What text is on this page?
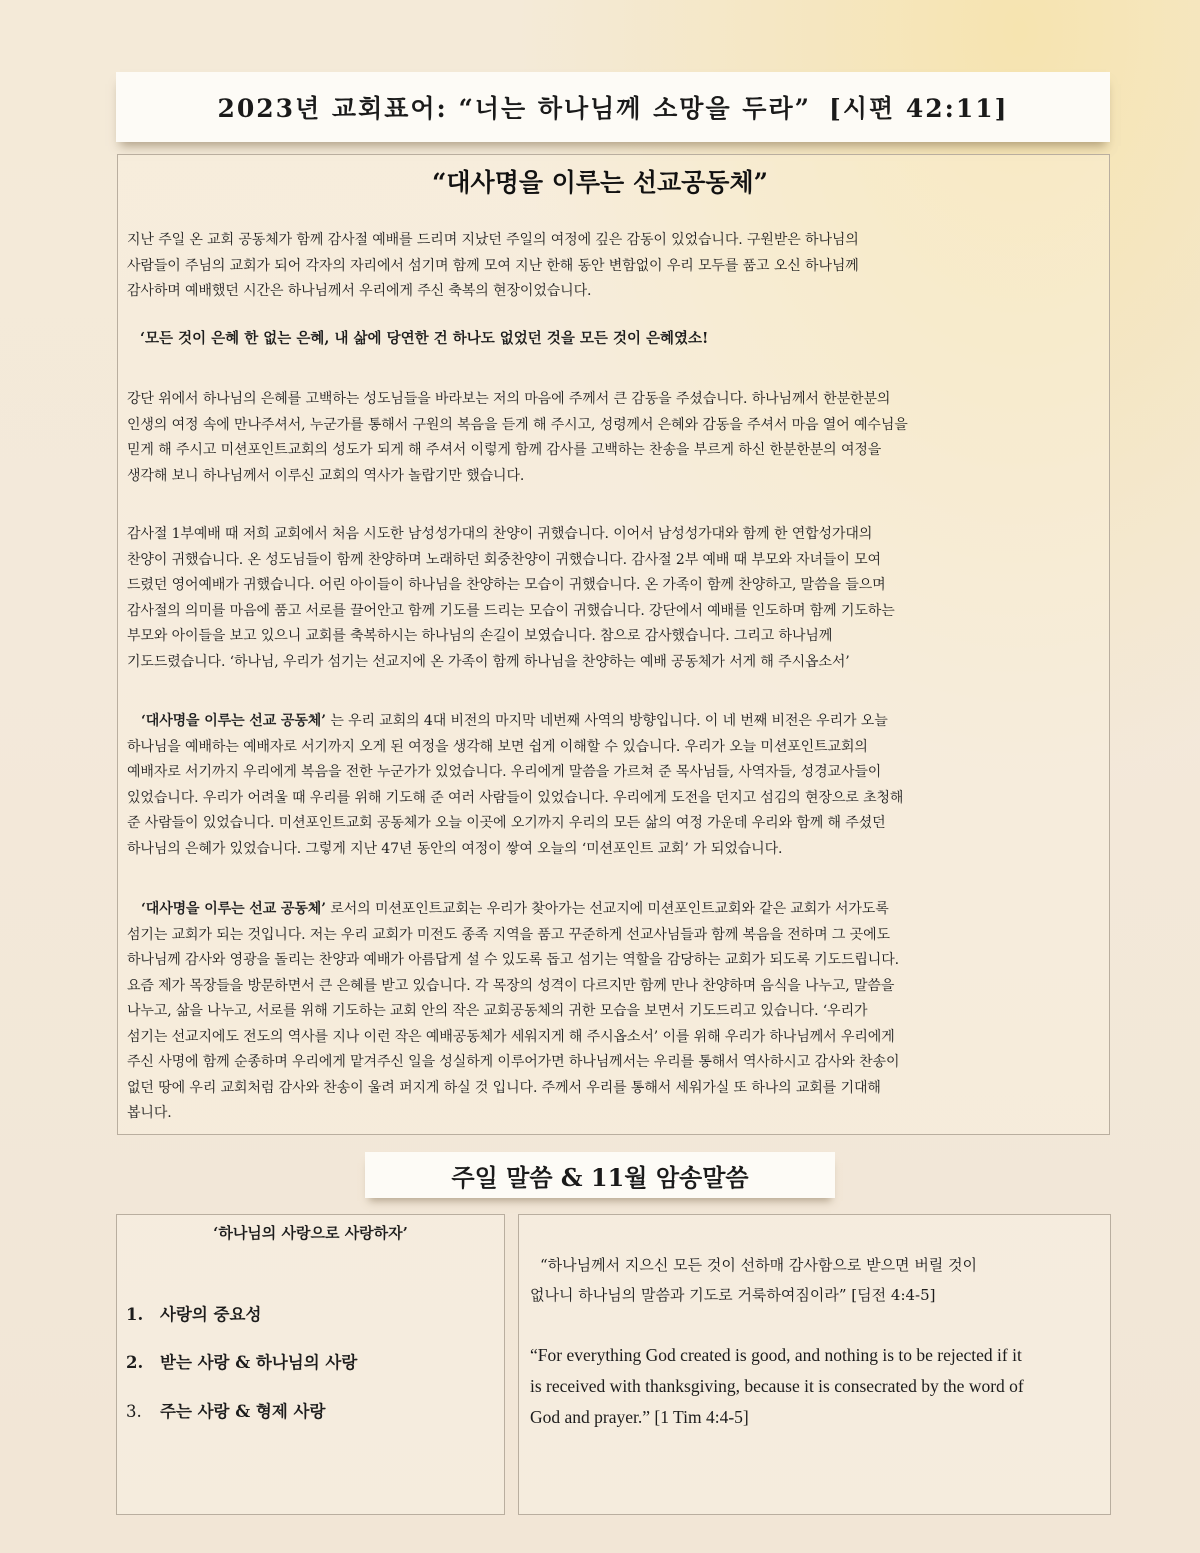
2023년 교회표어: “너는 하나님께 소망을 두라” [시편 42:11]
“대사명을 이루는 선교공동체”
지난 주일 온 교회 공동체가 함께 감사절 예배를 드리며 지났던 주일의 여정에 깊은 감동이 있었습니다. 구원받은 하나님의
사람들이 주님의 교회가 되어 각자의 자리에서 섬기며 함께 모여 지난 한해 동안 변함없이 우리 모두를 품고 오신 하나님께
감사하며 예배했던 시간은 하나님께서 우리에게 주신 축복의 현장이었습니다.
‘모든 것이 은혜 한 없는 은혜, 내 삶에 당연한 건 하나도 없었던 것을 모든 것이 은혜였소!
강단 위에서 하나님의 은혜를 고백하는 성도님들을 바라보는 저의 마음에 주께서 큰 감동을 주셨습니다. 하나님께서 한분한분의
인생의 여정 속에 만나주셔서, 누군가를 통해서 구원의 복음을 듣게 해 주시고, 성령께서 은혜와 감동을 주셔서 마음 열어 예수님을
믿게 해 주시고 미션포인트교회의 성도가 되게 해 주셔서 이렇게 함께 감사를 고백하는 찬송을 부르게 하신 한분한분의 여정을
생각해 보니 하나님께서 이루신 교회의 역사가 놀랍기만 했습니다.
감사절 1부예배 때 저희 교회에서 처음 시도한 남성성가대의 찬양이 귀했습니다. 이어서 남성성가대와 함께 한 연합성가대의
찬양이 귀했습니다. 온 성도님들이 함께 찬양하며 노래하던 회중찬양이 귀했습니다. 감사절 2부 예배 때 부모와 자녀들이 모여
드렸던 영어예배가 귀했습니다. 어린 아이들이 하나님을 찬양하는 모습이 귀했습니다. 온 가족이 함께 찬양하고, 말씀을 들으며
감사절의 의미를 마음에 품고 서로를 끌어안고 함께 기도를 드리는 모습이 귀했습니다. 강단에서 예배를 인도하며 함께 기도하는
부모와 아이들을 보고 있으니 교회를 축복하시는 하나님의 손길이 보였습니다. 참으로 감사했습니다. 그리고 하나님께
기도드렸습니다. ‘하나님, 우리가 섬기는 선교지에 온 가족이 함께 하나님을 찬양하는 예배 공동체가 서게 해 주시옵소서’
‘대사명을 이루는 선교 공동체’ 는 우리 교회의 4대 비전의 마지막 네번째 사역의 방향입니다. 이 네 번째 비전은 우리가 오늘
하나님을 예배하는 예배자로 서기까지 오게 된 여정을 생각해 보면 쉽게 이해할 수 있습니다. 우리가 오늘 미션포인트교회의
예배자로 서기까지 우리에게 복음을 전한 누군가가 있었습니다. 우리에게 말씀을 가르쳐 준 목사님들, 사역자들, 성경교사들이
있었습니다. 우리가 어려울 때 우리를 위해 기도해 준 여러 사람들이 있었습니다. 우리에게 도전을 던지고 섬김의 현장으로 초청해
준 사람들이 있었습니다. 미션포인트교회 공동체가 오늘 이곳에 오기까지 우리의 모든 삶의 여정 가운데 우리와 함께 해 주셨던
하나님의 은혜가 있었습니다. 그렇게 지난 47년 동안의 여정이 쌓여 오늘의 ‘미션포인트 교회’ 가 되었습니다.
‘대사명을 이루는 선교 공동체’ 로서의 미션포인트교회는 우리가 찾아가는 선교지에 미션포인트교회와 같은 교회가 서가도록
섬기는 교회가 되는 것입니다. 저는 우리 교회가 미전도 종족 지역을 품고 꾸준하게 선교사님들과 함께 복음을 전하며 그 곳에도
하나님께 감사와 영광을 돌리는 찬양과 예배가 아름답게 설 수 있도록 돕고 섬기는 역할을 감당하는 교회가 되도록 기도드립니다.
요즘 제가 목장들을 방문하면서 큰 은혜를 받고 있습니다. 각 목장의 성격이 다르지만 함께 만나 찬양하며 음식을 나누고, 말씀을
나누고, 삶을 나누고, 서로를 위해 기도하는 교회 안의 작은 교회공동체의 귀한 모습을 보면서 기도드리고 있습니다. ‘우리가
섬기는 선교지에도 전도의 역사를 지나 이런 작은 예배공동체가 세워지게 해 주시옵소서’ 이를 위해 우리가 하나님께서 우리에게
주신 사명에 함께 순종하며 우리에게 맡겨주신 일을 성실하게 이루어가면 하나님께서는 우리를 통해서 역사하시고 감사와 찬송이
없던 땅에 우리 교회처럼 감사와 찬송이 울려 퍼지게 하실 것 입니다. 주께서 우리를 통해서 세워가실 또 하나의 교회를 기대해
봅니다.
주일 말씀 & 11월 암송말씀
‘하나님의 사랑으로 사랑하자’
1. 사랑의 중요성
2. 받는 사랑 & 하나님의 사랑
3. 주는 사랑 & 형제 사랑
“하나님께서 지으신 모든 것이 선하매 감사함으로 받으면 버릴 것이
없나니 하나님의 말씀과 기도로 거룩하여짐이라” [딤전 4:4-5]
“For everything God created is good, and nothing is to be rejected if it
is received with thanksgiving, because it is consecrated by the word of
God and prayer.” [1 Tim 4:4-5]
